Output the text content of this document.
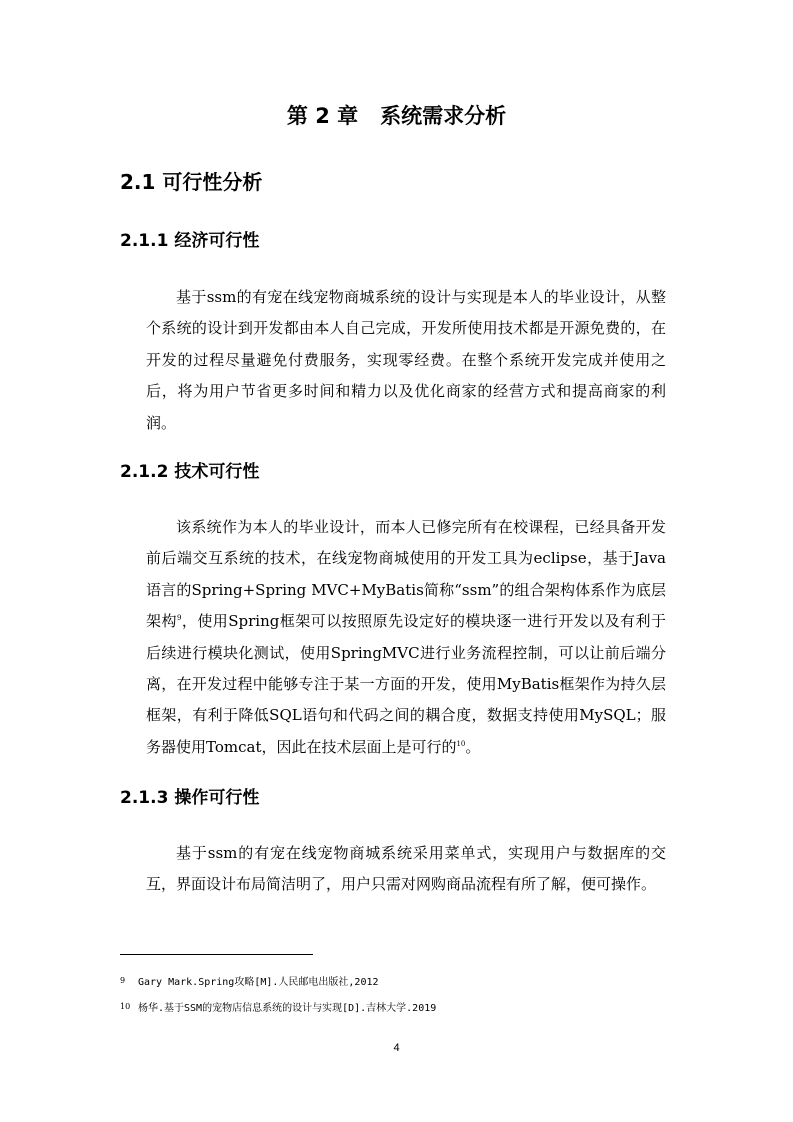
第 2 章   系统需求分析
2.1 可行性分析
2.1.1 经济可行性

基于ssm的有宠在线宠物商城系统的设计与实现是本人的毕业设计，从整个系统的设计到开发都由本人自己完成，开发所使用技术都是开源免费的，在开发的过程尽量避免付费服务，实现零经费。在整个系统开发完成并使用之后，将为用户节省更多时间和精力以及优化商家的经营方式和提高商家的利润。

2.1.2 技术可行性

该系统作为本人的毕业设计，而本人已修完所有在校课程，已经具备开发前后端交互系统的技术，在线宠物商城使用的开发工具为eclipse，基于Java语言的Spring+Spring MVC+MyBatis简称“ssm”的组合架构体系作为底层架构$^9$，使用Spring框架可以按照原先设定好的模块逐一进行开发以及有利于后续进行模块化测试，使用SpringMVC进行业务流程控制，可以让前后端分离，在开发过程中能够专注于某一方面的开发，使用MyBatis框架作为持久层框架，有利于降低SQL语句和代码之间的耦合度，数据支持使用MySQL；服务器使用Tomcat，因此在技术层面上是可行的$^{10}$。

2.1.3 操作可行性

基于ssm的有宠在线宠物商城系统采用菜单式，实现用户与数据库的交互，界面设计布局简洁明了，用户只需对网购商品流程有所了解，便可操作。

9 Gary Mark.Spring攻略[M].人民邮电出版社,2012

10 杨华.基于SSM的宠物店信息系统的设计与实现[D].吉林大学.2019

4
